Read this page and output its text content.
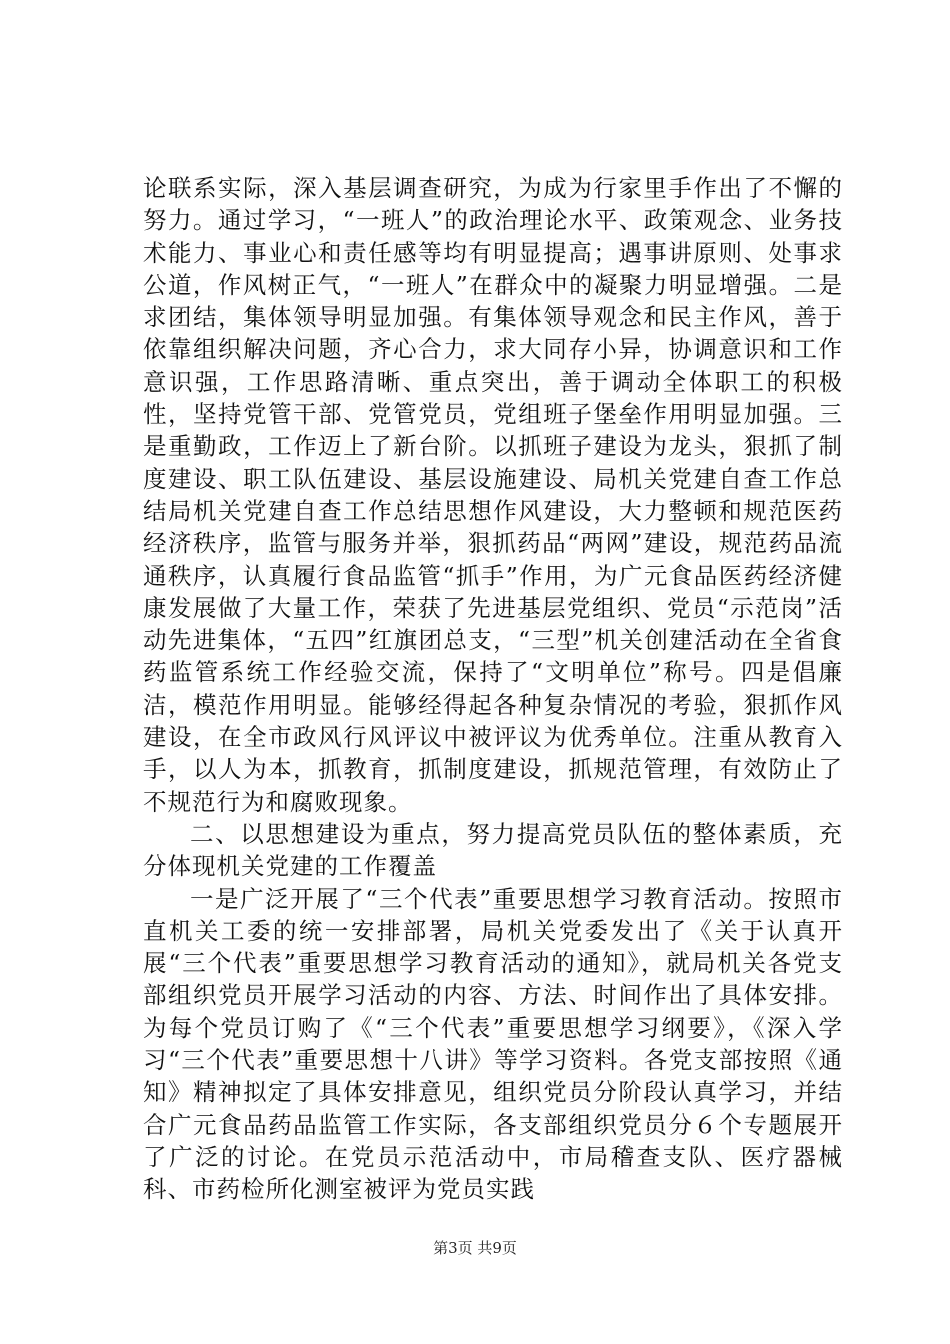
论联系实际，深入基层调查研究，为成为行家里手作出了不懈的努力。通过学习，“一班人”的政治理论水平、政策观念、业务技术能力、事业心和责任感等均有明显提高；遇事讲原则、处事求公道，作风树正气，“一班人”在群众中的凝聚力明显增强。二是求团结，集体领导明显加强。有集体领导观念和民主作风，善于依靠组织解决问题，齐心合力，求大同存小异，协调意识和工作意识强，工作思路清晰、重点突出，善于调动全体职工的积极性，坚持党管干部、党管党员，党组班子堡垒作用明显加强。三是重勤政，工作迈上了新台阶。以抓班子建设为龙头，狠抓了制度建设、职工队伍建设、基层设施建设、局机关党建自查工作总结局机关党建自查工作总结思想作风建设，大力整顿和规范医药经济秩序，监管与服务并举，狠抓药品“两网”建设，规范药品流通秩序，认真履行食品监管“抓手”作用，为广元食品医药经济健康发展做了大量工作，荣获了先进基层党组织、党员“示范岗”活动先进集体，“五四”红旗团总支，“三型”机关创建活动在全省食药监管系统工作经验交流，保持了“文明单位”称号。四是倡廉洁，模范作用明显。能够经得起各种复杂情况的考验，狠抓作风建设，在全市政风行风评议中被评议为优秀单位。注重从教育入手，以人为本，抓教育，抓制度建设，抓规范管理，有效防止了不规范行为和腐败现象。

二、以思想建设为重点，努力提高党员队伍的整体素质，充分体现机关党建的工作覆盖

一是广泛开展了“三个代表”重要思想学习教育活动。按照市直机关工委的统一安排部署，局机关党委发出了《关于认真开展“三个代表”重要思想学习教育活动的通知》，就局机关各党支部组织党员开展学习活动的内容、方法、时间作出了具体安排。为每个党员订购了《“三个代表”重要思想学习纲要》，《深入学习“三个代表”重要思想十八讲》等学习资料。各党支部按照《通知》精神拟定了具体安排意见，组织党员分阶段认真学习，并结合广元食品药品监管工作实际，各支部组织党员分６个专题展开了广泛的讨论。在党员示范活动中，市局稽查支队、医疗器械科、市药检所化测室被评为党员实践

第3页 共9页
